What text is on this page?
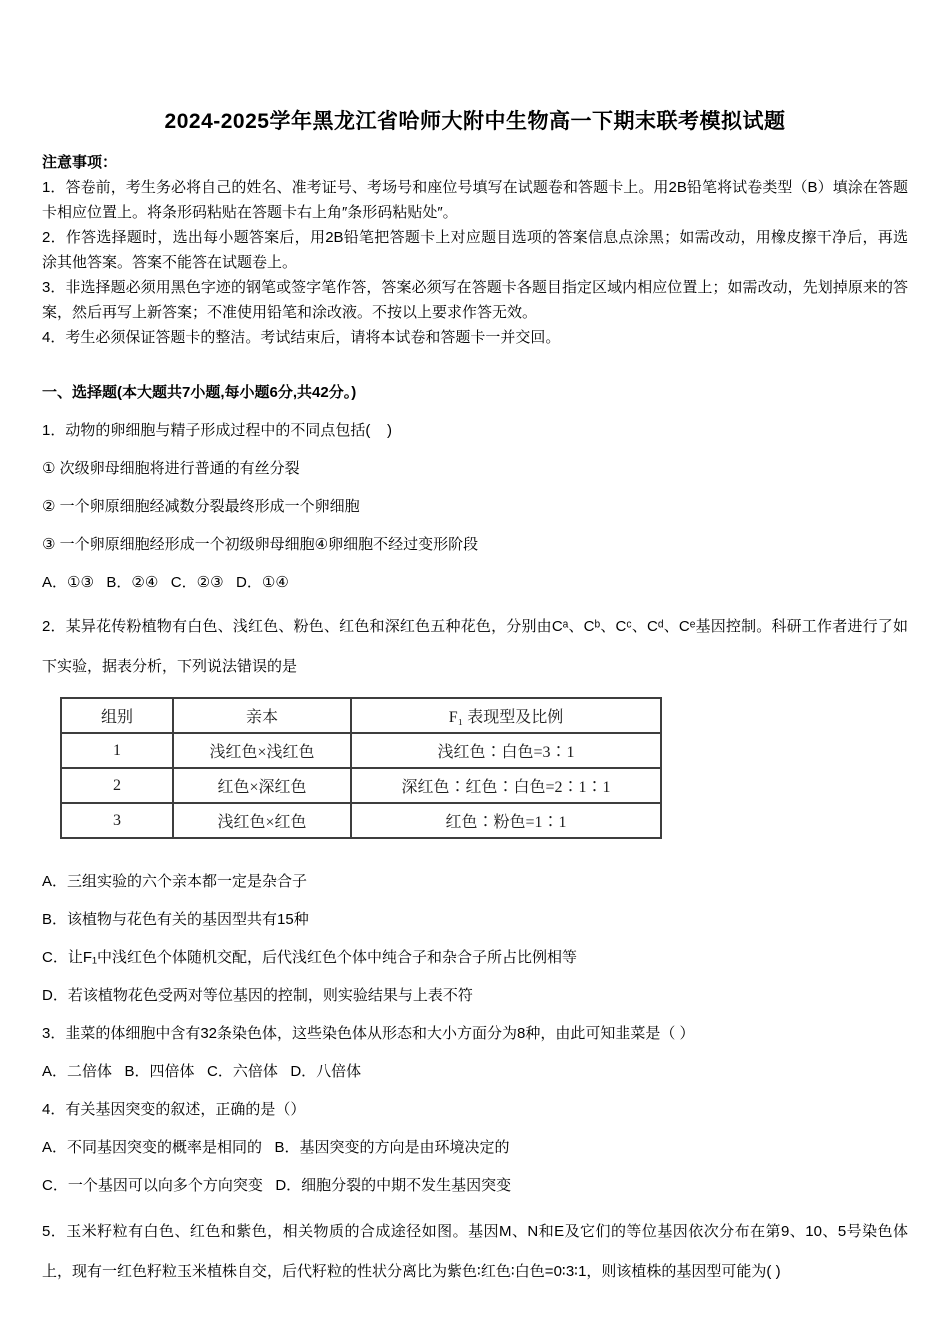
2024-2025学年黑龙江省哈师大附中生物高一下期末联考模拟试题

注意事项：

1．答卷前，考生务必将自己的姓名、准考证号、考场号和座位号填写在试题卷和答题卡上。用2B铅笔将试卷类型（B）填涂在答题卡相应位置上。将条形码粘贴在答题卡右上角″条形码粘贴处″。

2．作答选择题时，选出每小题答案后，用2B铅笔把答题卡上对应题目选项的答案信息点涂黑；如需改动，用橡皮擦干净后，再选涂其他答案。答案不能答在试题卷上。

3．非选择题必须用黑色字迹的钢笔或签字笔作答，答案必须写在答题卡各题目指定区域内相应位置上；如需改动，先划掉原来的答案，然后再写上新答案；不准使用铅笔和涂改液。不按以上要求作答无效。

4．考生必须保证答题卡的整洁。考试结束后，请将本试卷和答题卡一并交回。

一、选择题(本大题共7小题,每小题6分,共42分。)

1．动物的卵细胞与精子形成过程中的不同点包括(    )

① 次级卵母细胞将进行普通的有丝分裂

② 一个卵原细胞经减数分裂最终形成一个卵细胞

③ 一个卵原细胞经形成一个初级卵母细胞④卵细胞不经过变形阶段

A．①③   B．②④   C．②③   D．①④

2．某异花传粉植物有白色、浅红色、粉色、红色和深红色五种花色，分别由Cᵃ、Cᵇ、Cᶜ、Cᵈ、Cᵉ基因控制。科研工作者进行了如下实验，据表分析，下列说法错误的是

组别	亲本	F₁ 表现型及比例
1	浅红色×浅红色	浅红色∶白色=3∶1
2	红色×深红色	深红色∶红色∶白色=2∶1∶1
3	浅红色×红色	红色∶粉色=1∶1

A．三组实验的六个亲本都一定是杂合子

B．该植物与花色有关的基因型共有15种

C．让F₁中浅红色个体随机交配，后代浅红色个体中纯合子和杂合子所占比例相等

D．若该植物花色受两对等位基因的控制，则实验结果与上表不符

3．韭菜的体细胞中含有32条染色体，这些染色体从形态和大小方面分为8种，由此可知韭菜是（ ）

A．二倍体   B．四倍体   C．六倍体   D．八倍体

4．有关基因突变的叙述，正确的是（）

A．不同基因突变的概率是相同的   B．基因突变的方向是由环境决定的

C．一个基因可以向多个方向突变   D．细胞分裂的中期不发生基因突变

5．玉米籽粒有白色、红色和紫色，相关物质的合成途径如图。基因M、N和E及它们的等位基因依次分布在第9、10、5号染色体上，现有一红色籽粒玉米植株自交，后代籽粒的性状分离比为紫色∶红色∶白色=0∶3∶1，则该植株的基因型可能为( )
